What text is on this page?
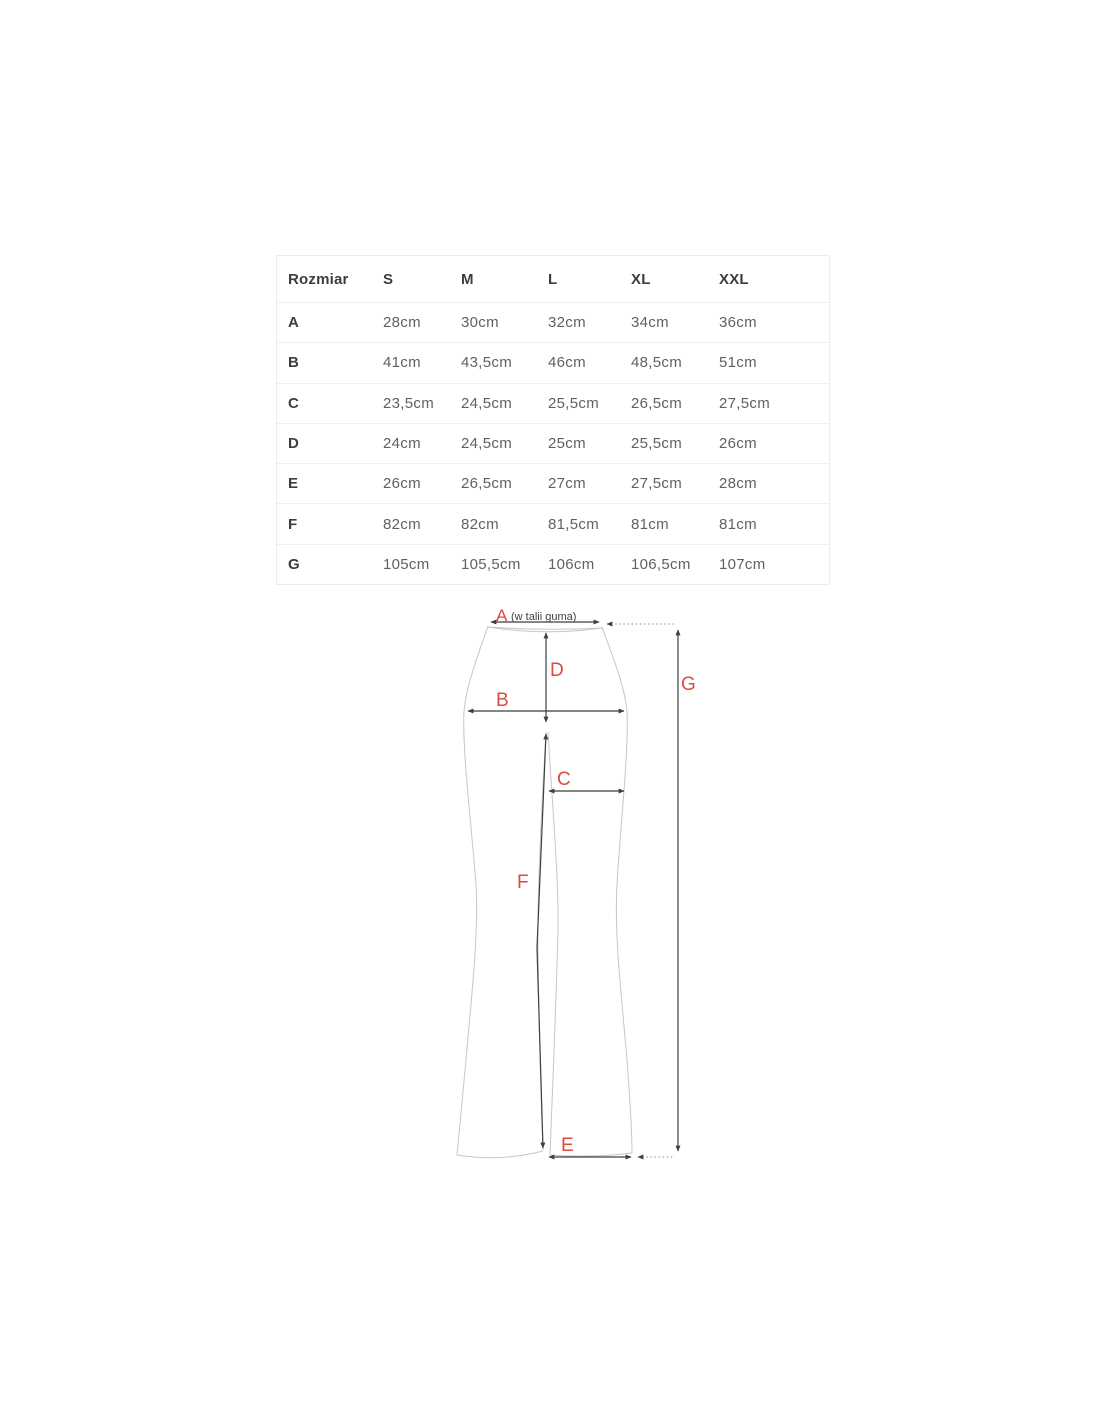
Rozmiar	S	M	L	XL	XXL
A	28cm	30cm	32cm	34cm	36cm
B	41cm	43,5cm	46cm	48,5cm	51cm
C	23,5cm	24,5cm	25,5cm	26,5cm	27,5cm
D	24cm	24,5cm	25cm	25,5cm	26cm
E	26cm	26,5cm	27cm	27,5cm	28cm
F	82cm	82cm	81,5cm	81cm	81cm
G	105cm	105,5cm	106cm	106,5cm	107cm
A (w talii guma)
D
G
B
C
F
E
